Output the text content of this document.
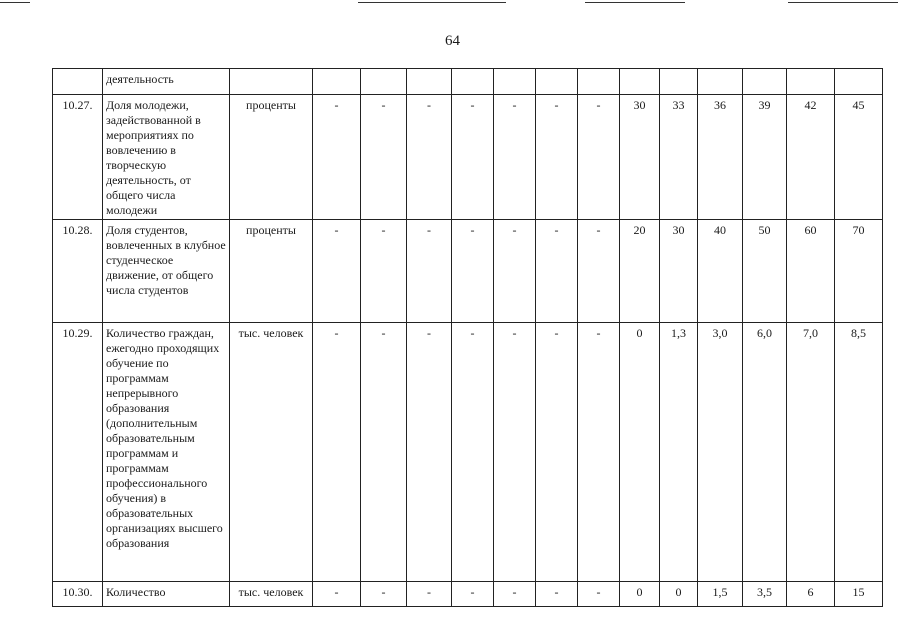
64
	деятельность														
10.27.	Доля молодежи, задействованной в мероприятиях по вовлечению в творческую деятельность, от общего числа молодежи	проценты	-	-	-	-	-	-	-	30	33	36	39	42	45
10.28.	Доля студентов, вовлеченных в клубное студенческое движение, от общего числа студентов	проценты	-	-	-	-	-	-	-	20	30	40	50	60	70
10.29.	Количество граждан, ежегодно проходящих обучение по программам непрерывного образования (дополнительным образовательным программам и программам профессионального обучения) в образовательных организациях высшего образования	тыс. человек	-	-	-	-	-	-	-	0	1,3	3,0	6,0	7,0	8,5
10.30.	Количество	тыс. человек	-	-	-	-	-	-	-	0	0	1,5	3,5	6	15
